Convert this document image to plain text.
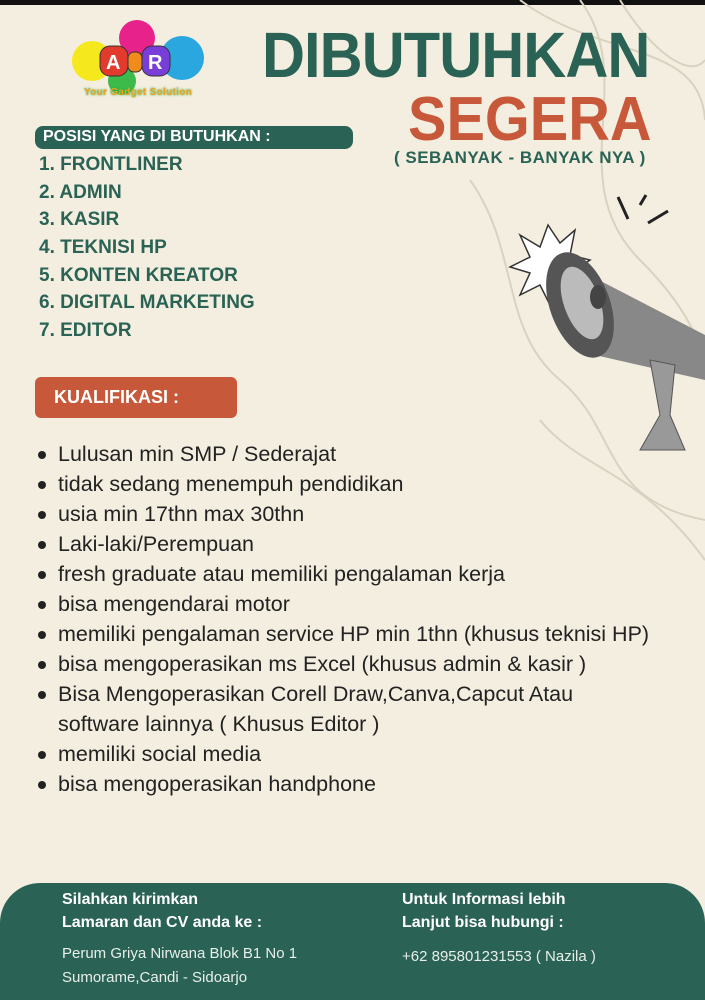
A R
Your Gadget Solution
DIBUTUHKAN
SEGERA
( SEBANYAK - BANYAK NYA )
POSISI YANG DI BUTUHKAN :
1. FRONTLINER
2. ADMIN
3. KASIR
4. TEKNISI HP
5. KONTEN KREATOR
6. DIGITAL MARKETING
7. EDITOR
KUALIFIKASI :
Lulusan min SMP / Sederajat
tidak sedang menempuh pendidikan
usia min 17thn max 30thn
Laki-laki/Perempuan
fresh graduate atau memiliki pengalaman kerja
bisa mengendarai motor
memiliki pengalaman service HP min 1thn (khusus teknisi HP)
bisa mengoperasikan ms Excel (khusus admin & kasir )
Bisa Mengoperasikan Corell Draw,Canva,Capcut Atau software lainnya ( Khusus Editor )
memiliki social media
bisa mengoperasikan handphone
Silahkan kirimkan
Lamaran dan CV anda ke :
Perum Griya Nirwana Blok B1 No 1
Sumorame,Candi - Sidoarjo
Untuk Informasi lebih
Lanjut bisa hubungi :
+62 895801231553 ( Nazila )
